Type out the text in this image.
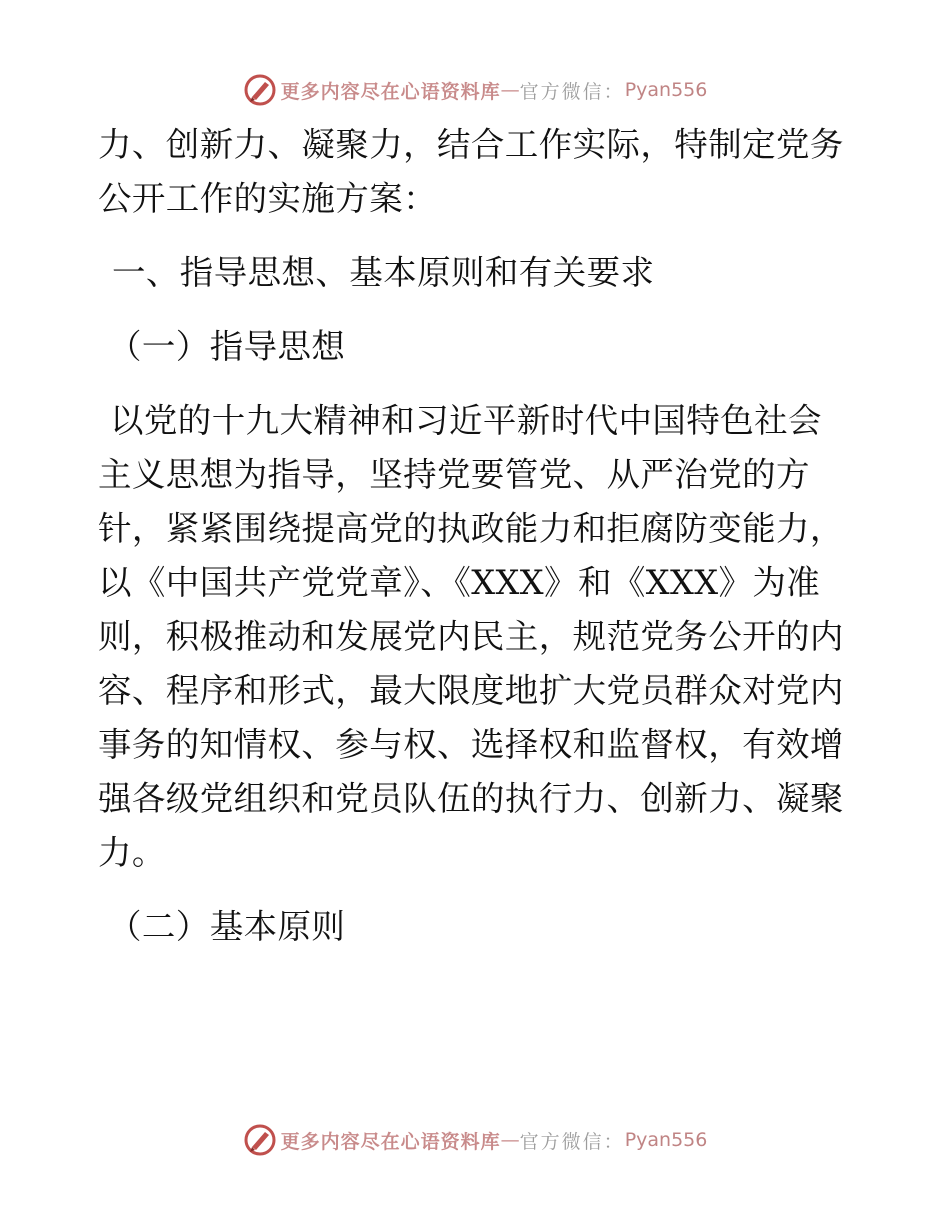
更多内容尽在心语资料库 — 官方微信： Pyan556

力、创新力、凝聚力，结合工作实际，特制定党务

公开工作的实施方案：

一、指导思想、基本原则和有关要求

（一）指导思想

以党的十九大精神和习近平新时代中国特色社会

主义思想为指导，坚持党要管党、从严治党的方

针，紧紧围绕提高党的执政能力和拒腐防变能力，

以《中国共产党党章》、《XXX》和《XXX》为准

则，积极推动和发展党内民主，规范党务公开的内

容、程序和形式，最大限度地扩大党员群众对党内

事务的知情权、参与权、选择权和监督权，有效增

强各级党组织和党员队伍的执行力、创新力、凝聚

力。

（二）基本原则

更多内容尽在心语资料库 — 官方微信： Pyan556
